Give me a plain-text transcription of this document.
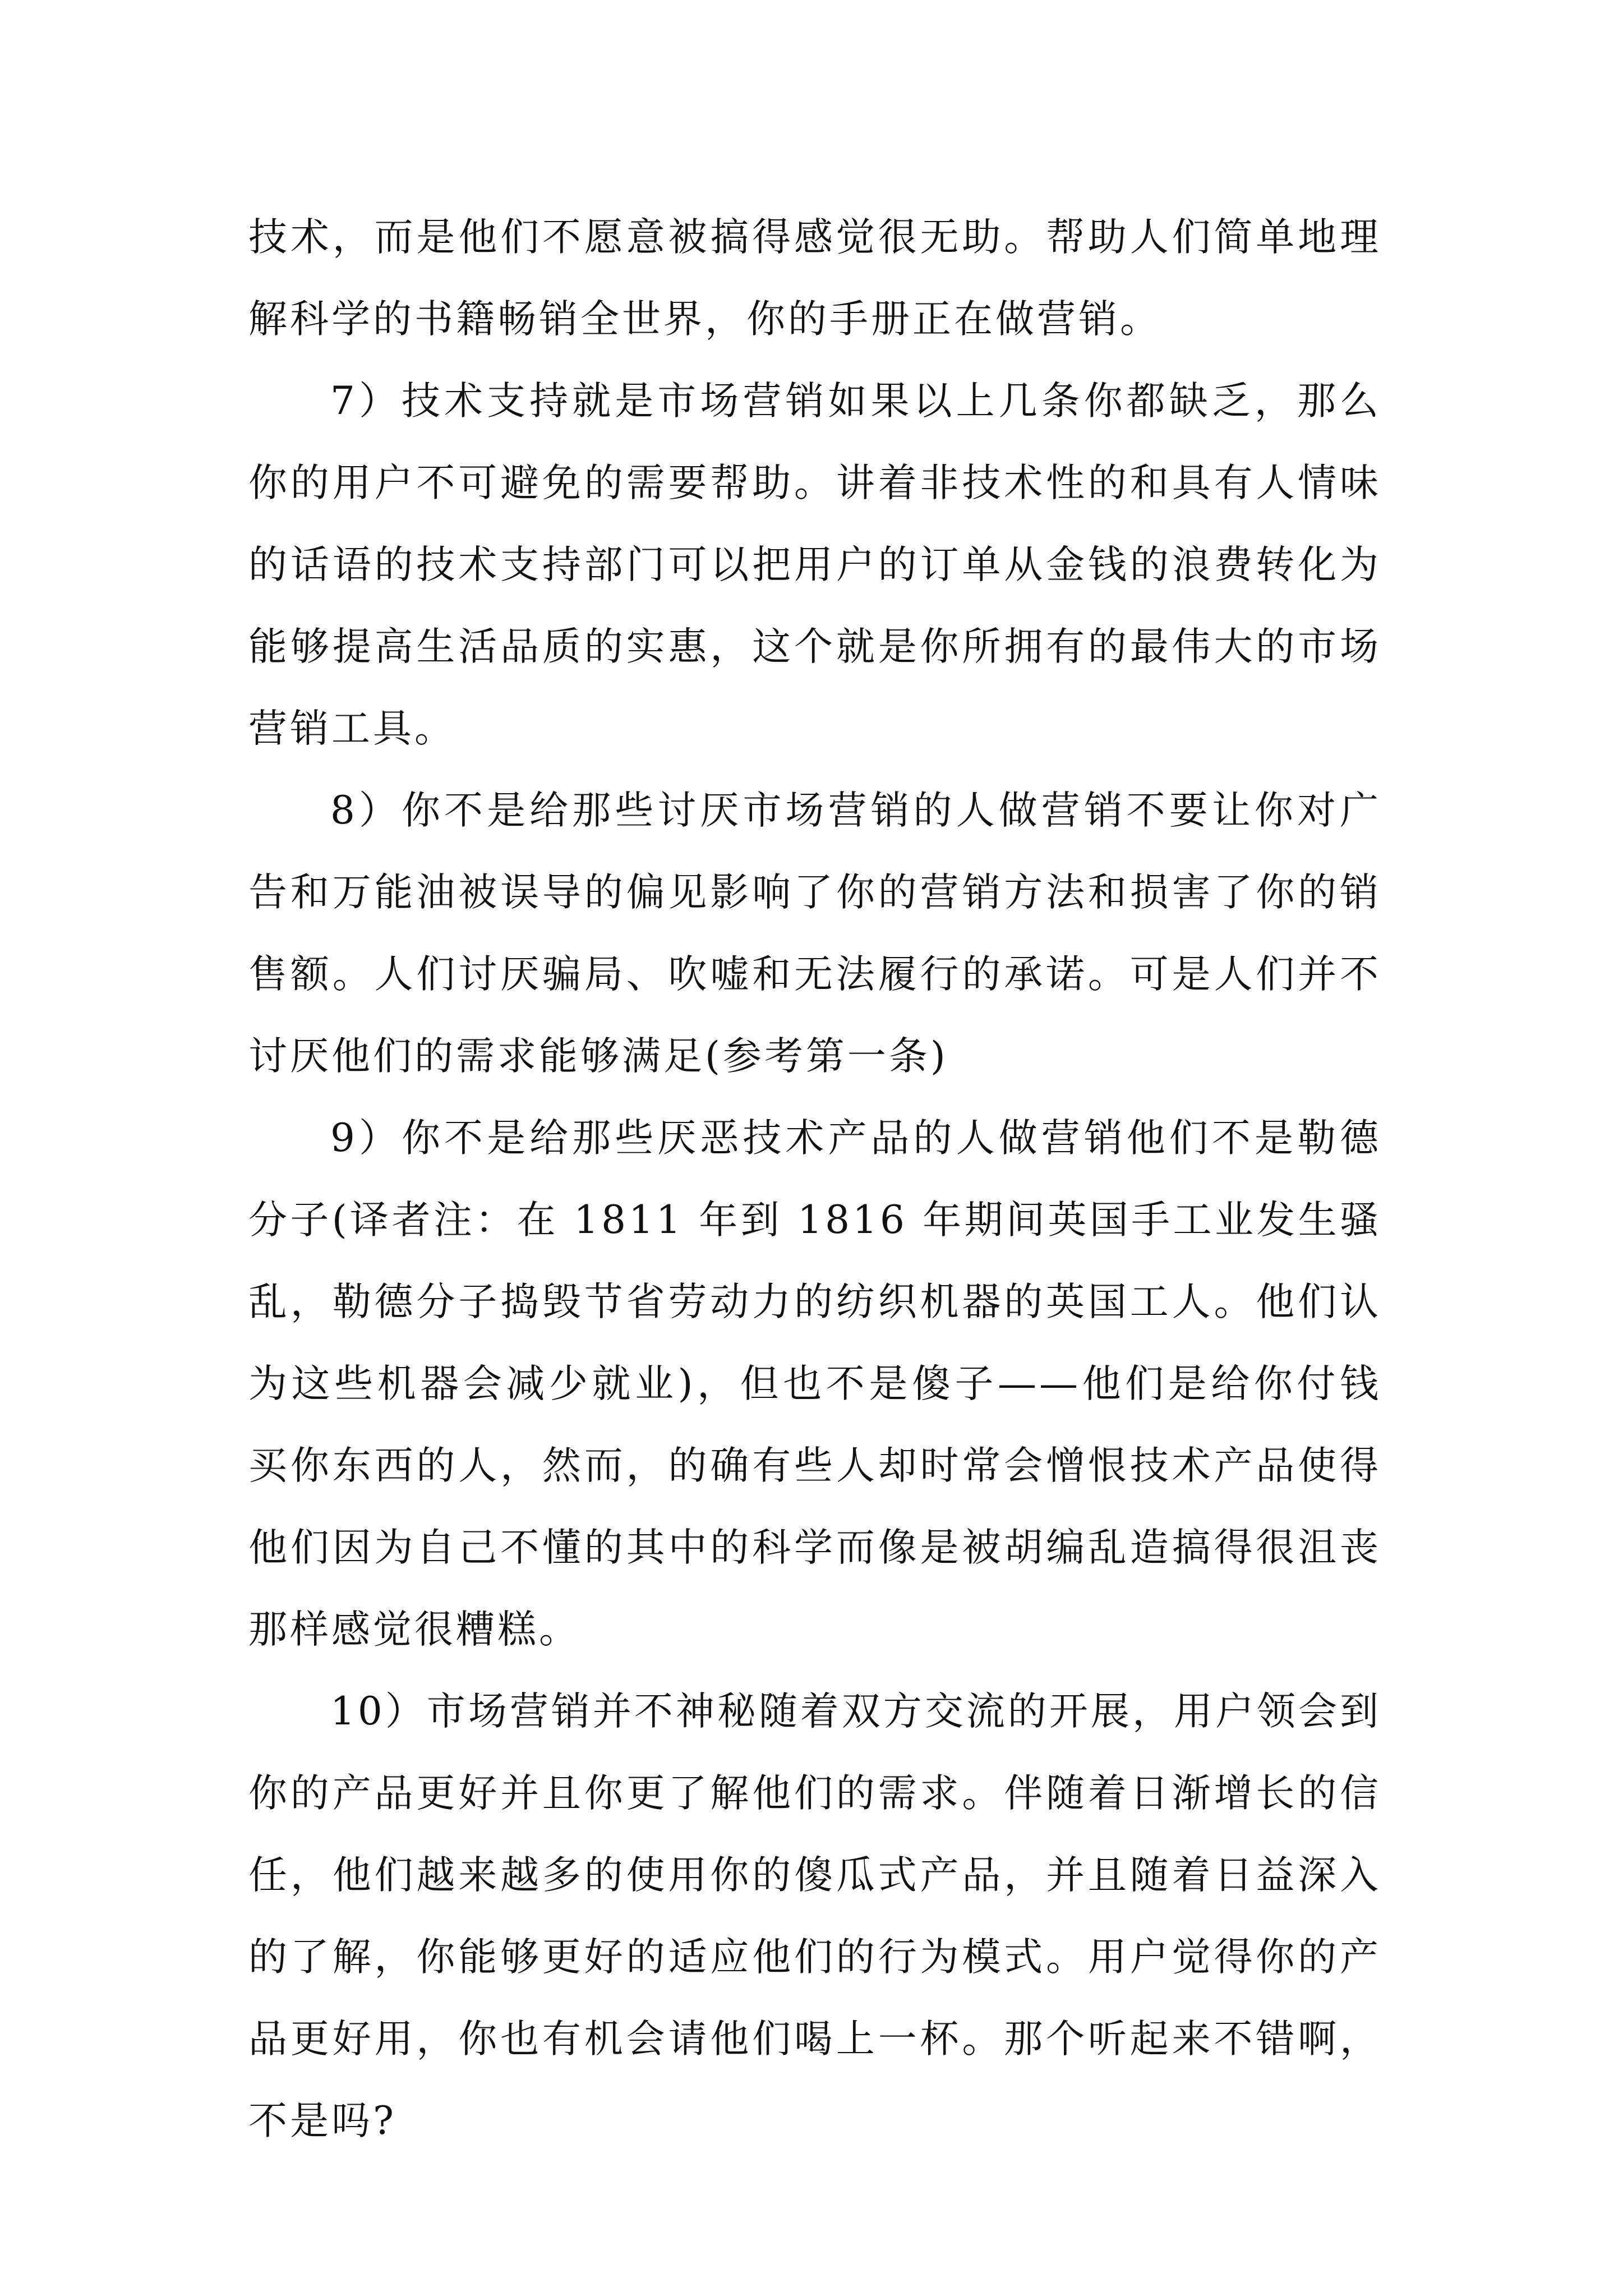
技术，而是他们不愿意被搞得感觉很无助。帮助人们简单地理解科学的书籍畅销全世界，你的手册正在做营销。

7）技术支持就是市场营销如果以上几条你都缺乏，那么你的用户不可避免的需要帮助。讲着非技术性的和具有人情味的话语的技术支持部门可以把用户的订单从金钱的浪费转化为能够提高生活品质的实惠，这个就是你所拥有的最伟大的市场营销工具。

8）你不是给那些讨厌市场营销的人做营销不要让你对广告和万能油被误导的偏见影响了你的营销方法和损害了你的销售额。人们讨厌骗局、吹嘘和无法履行的承诺。可是人们并不讨厌他们的需求能够满足(参考第一条)

9）你不是给那些厌恶技术产品的人做营销他们不是勒德分子(译者注：在 1811 年到 1816 年期间英国手工业发生骚乱，勒德分子捣毁节省劳动力的纺织机器的英国工人。他们认为这些机器会减少就业)，但也不是傻子——他们是给你付钱买你东西的人，然而，的确有些人却时常会憎恨技术产品使得他们因为自己不懂的其中的科学而像是被胡编乱造搞得很沮丧那样感觉很糟糕。

10）市场营销并不神秘随着双方交流的开展，用户领会到你的产品更好并且你更了解他们的需求。伴随着日渐增长的信任，他们越来越多的使用你的傻瓜式产品，并且随着日益深入的了解，你能够更好的适应他们的行为模式。用户觉得你的产品更好用，你也有机会请他们喝上一杯。那个听起来不错啊，不是吗?
